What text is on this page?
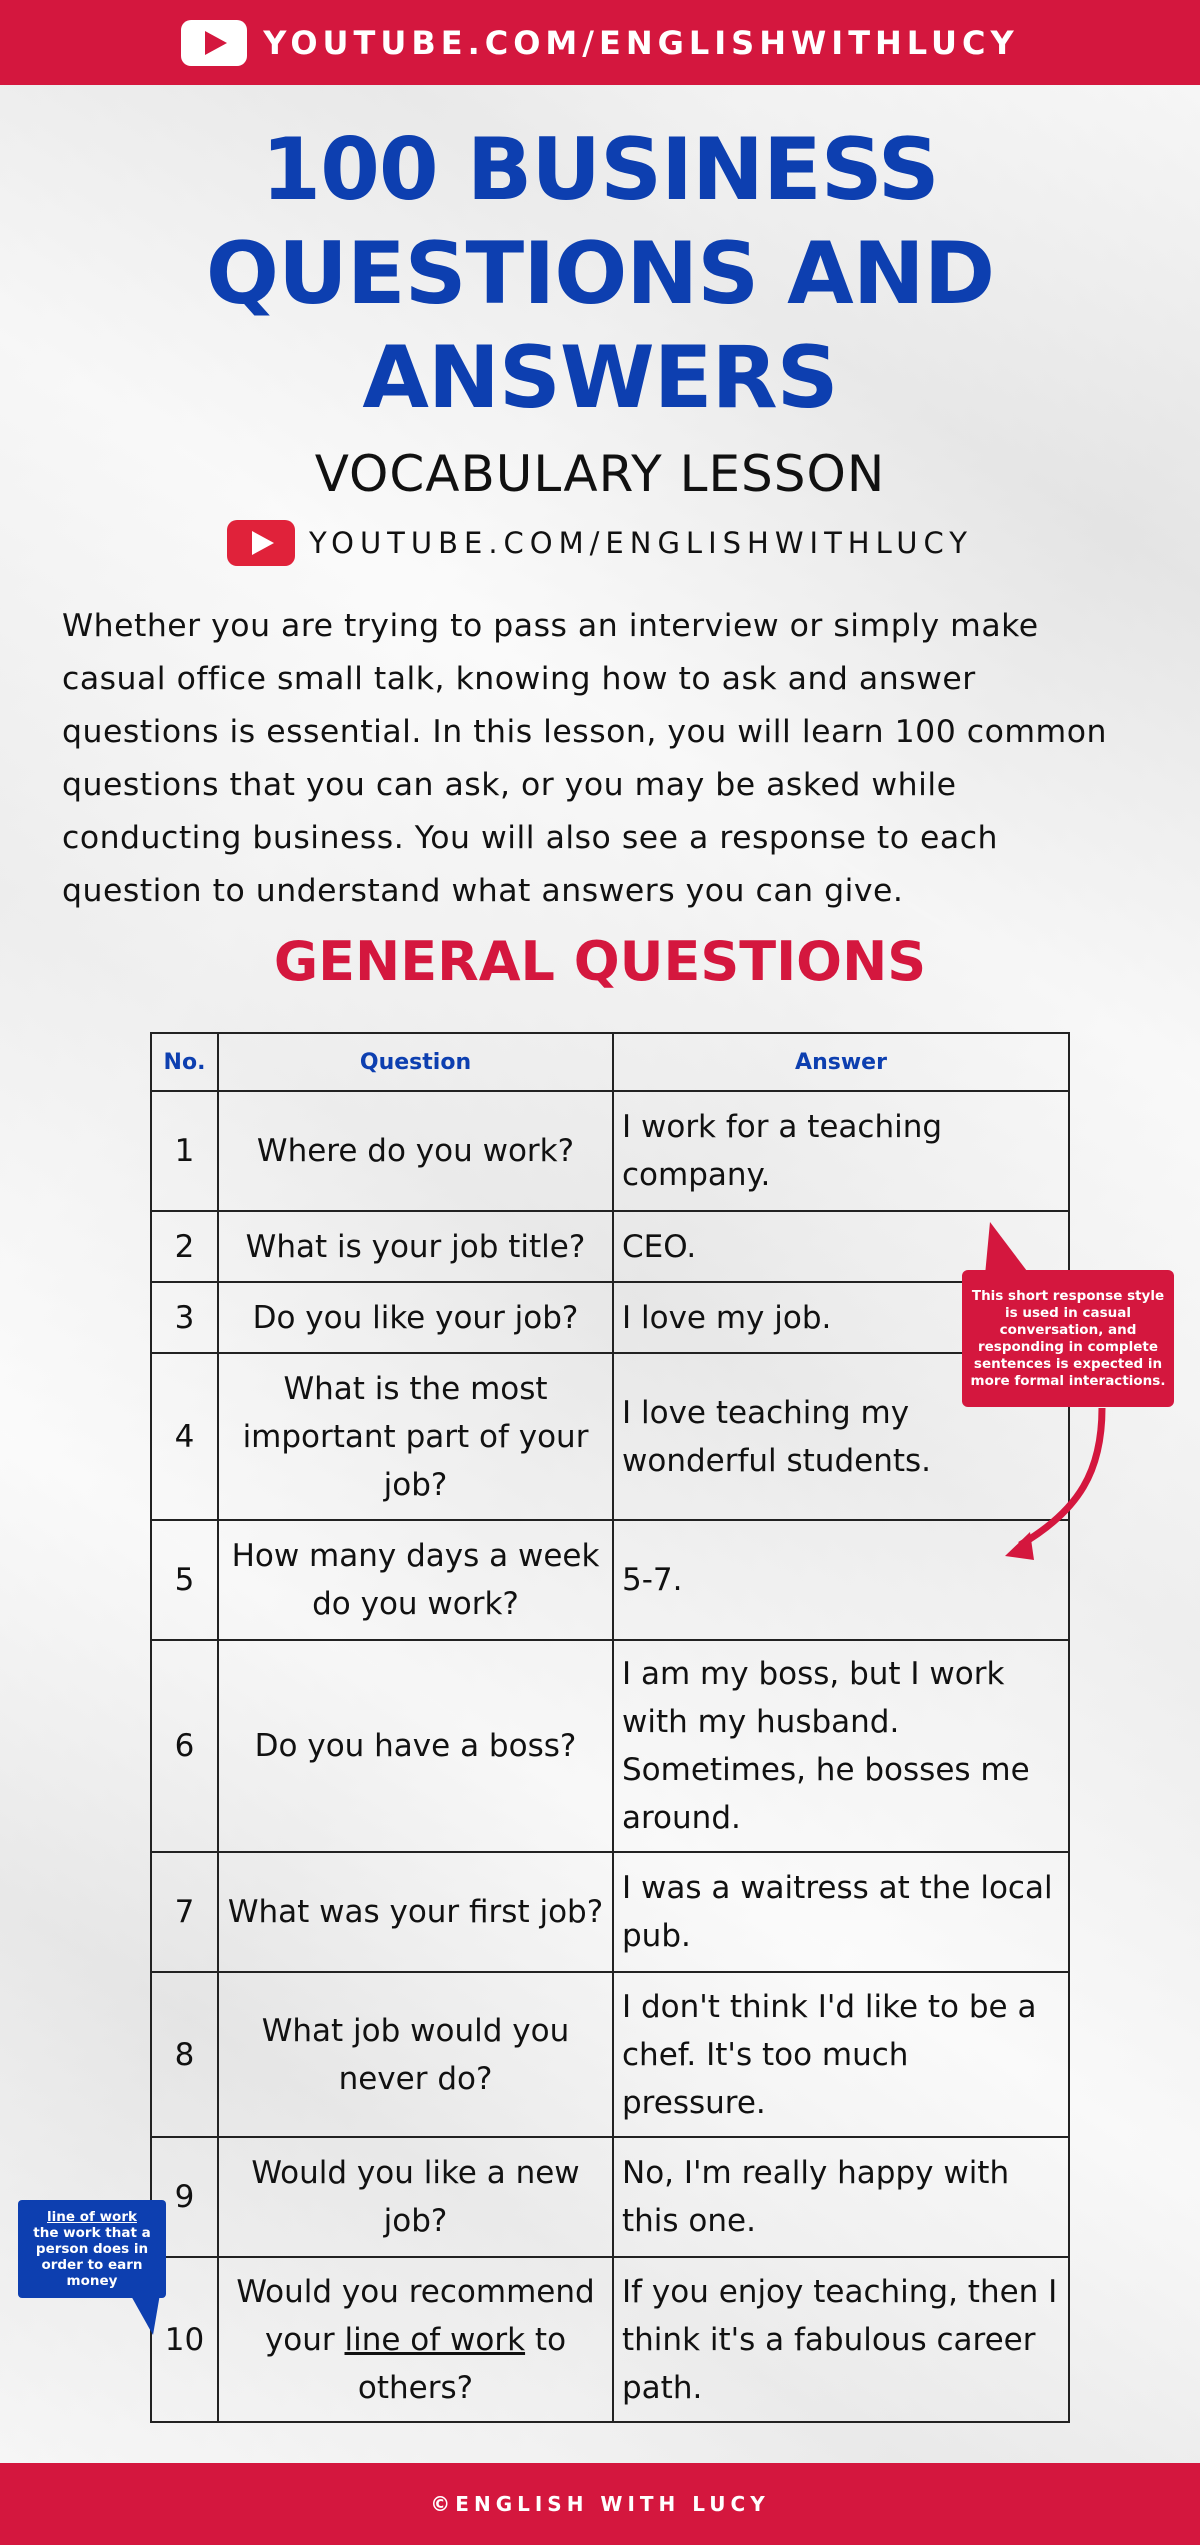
YOUTUBE.COM/ENGLISHWITHLUCY
100 BUSINESS
QUESTIONS AND
ANSWERS
VOCABULARY LESSON
YOUTUBE.COM/ENGLISHWITHLUCY
Whether you are trying to pass an interview or simply make casual office small talk, knowing how to ask and answer questions is essential. In this lesson, you will learn 100 common questions that you can ask, or you may be asked while conducting business. You will also see a response to each question to understand what answers you can give.
GENERAL QUESTIONS
No.	Question	Answer
1	Where do you work?	I work for a teaching company.
2	What is your job title?	CEO.
3	Do you like your job?	I love my job.
4	What is the most important part of your job?	I love teaching my wonderful students.
5	How many days a week do you work?	5-7.
6	Do you have a boss?	I am my boss, but I work with my husband. Sometimes, he bosses me around.
7	What was your first job?	I was a waitress at the local pub.
8	What job would you never do?	I don't think I'd like to be a chef. It's too much pressure.
9	Would you like a new job?	No, I'm really happy with this one.
10	Would you recommend your line of work to others?	If you enjoy teaching, then I think it's a fabulous career path.
This short response style is used in casual conversation, and responding in complete sentences is expected in more formal interactions.
line of work
the work that a person does in order to earn money
©ENGLISH WITH LUCY
